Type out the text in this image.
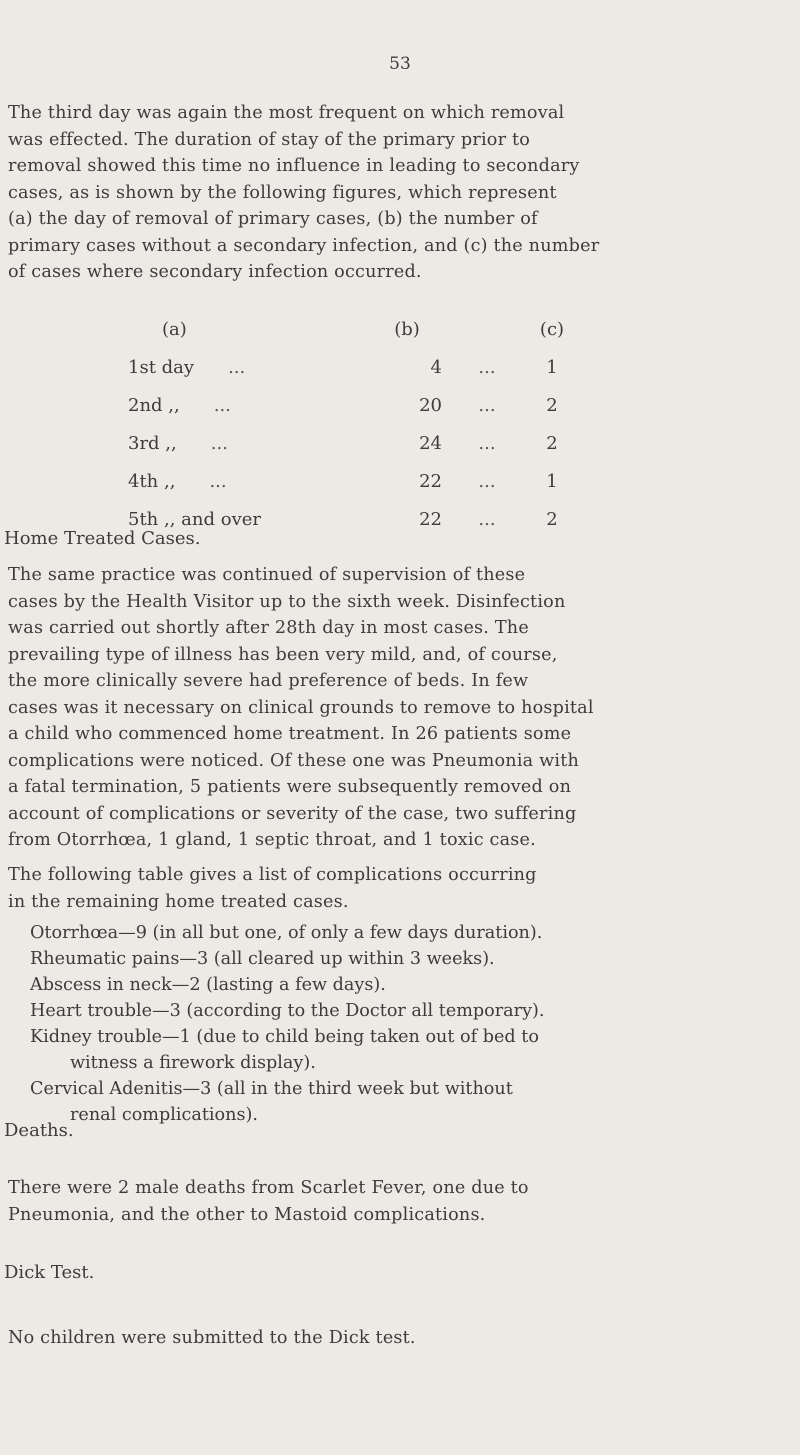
53
The third day was again the most frequent on which removal
was effected. The duration of stay of the primary prior to
removal showed this time no influence in leading to secondary
cases, as is shown by the following figures, which represent
(a) the day of removal of primary cases, (b) the number of
primary cases without a secondary infection, and (c) the number
of cases where secondary infection occurred.
(a)	(b)		(c)
1st day ...	4	...	1
2nd ,, ...	20	...	2
3rd ,, ...	24	...	2
4th ,, ...	22	...	1
5th ,, and over	22	...	2
Home Treated Cases.
The same practice was continued of supervision of these
cases by the Health Visitor up to the sixth week. Disinfection
was carried out shortly after 28th day in most cases. The
prevailing type of illness has been very mild, and, of course,
the more clinically severe had preference of beds. In few
cases was it necessary on clinical grounds to remove to hospital
a child who commenced home treatment. In 26 patients some
complications were noticed. Of these one was Pneumonia with
a fatal termination, 5 patients were subsequently removed on
account of complications or severity of the case, two suffering
from Otorrhœa, 1 gland, 1 septic throat, and 1 toxic case.
The following table gives a list of complications occurring
in the remaining home treated cases.
Otorrhœa—9 (in all but one, of only a few days duration).
Rheumatic pains—3 (all cleared up within 3 weeks).
Abscess in neck—2 (lasting a few days).
Heart trouble—3 (according to the Doctor all temporary).
Kidney trouble—1 (due to child being taken out of bed to
witness a firework display).
Cervical Adenitis—3 (all in the third week but without
renal complications).
Deaths.
There were 2 male deaths from Scarlet Fever, one due to
Pneumonia, and the other to Mastoid complications.
Dick Test.
No children were submitted to the Dick test.
